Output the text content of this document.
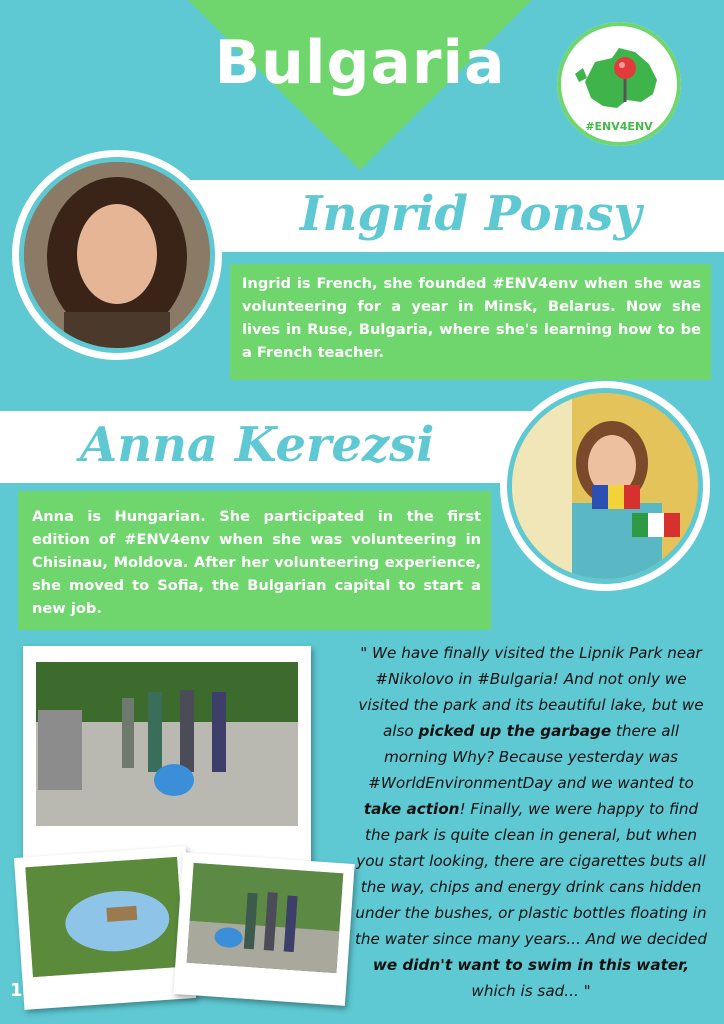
Bulgaria
#ENV4ENV
Ingrid Ponsy
Ingrid is French, she founded #ENV4env when she was volunteering for a year in Minsk, Belarus. Now she lives in Ruse, Bulgaria, where she's learning how to be a French teacher.
Anna Kerezsi
Anna is Hungarian. She participated in the first edition of #ENV4env when she was volunteering in Chisinau, Moldova. After her volunteering experience, she moved to Sofia, the Bulgarian capital to start a new job.
" We have finally visited the Lipnik Park near #Nikolovo in #Bulgaria! And not only we visited the park and its beautiful lake, but we also picked up the garbage there all morning Why? Because yesterday was #WorldEnvironmentDay and we wanted to take action! Finally, we were happy to find the park is quite clean in general, but when you start looking, there are cigarettes buts all the way, chips and energy drink cans hidden under the bushes, or plastic bottles floating in the water since many years... And we decided we didn't want to swim in this water, which is sad... "
11
